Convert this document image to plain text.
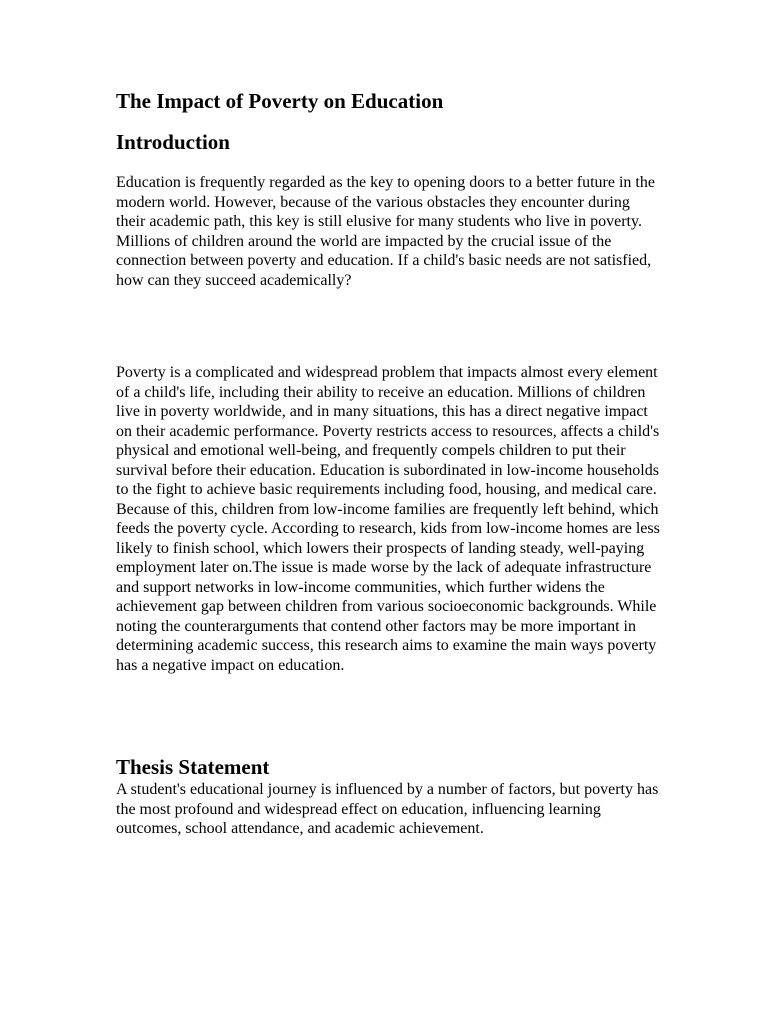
The Impact of Poverty on Education
Introduction

Education is frequently regarded as the key to opening doors to a better future in the modern world. However, because of the various obstacles they encounter during their academic path, this key is still elusive for many students who live in poverty. Millions of children around the world are impacted by the crucial issue of the connection between poverty and education. If a child's basic needs are not satisfied, how can they succeed academically?

Poverty is a complicated and widespread problem that impacts almost every element of a child's life, including their ability to receive an education. Millions of children live in poverty worldwide, and in many situations, this has a direct negative impact on their academic performance. Poverty restricts access to resources, affects a child's physical and emotional well-being, and frequently compels children to put their survival before their education. Education is subordinated in low-income households to the fight to achieve basic requirements including food, housing, and medical care. Because of this, children from low-income families are frequently left behind, which feeds the poverty cycle. According to research, kids from low-income homes are less likely to finish school, which lowers their prospects of landing steady, well-paying employment later on.The issue is made worse by the lack of adequate infrastructure and support networks in low-income communities, which further widens the achievement gap between children from various socioeconomic backgrounds. While noting the counterarguments that contend other factors may be more important in determining academic success, this research aims to examine the main ways poverty has a negative impact on education.

Thesis Statement

A student's educational journey is influenced by a number of factors, but poverty has the most profound and widespread effect on education, influencing learning outcomes, school attendance, and academic achievement.
